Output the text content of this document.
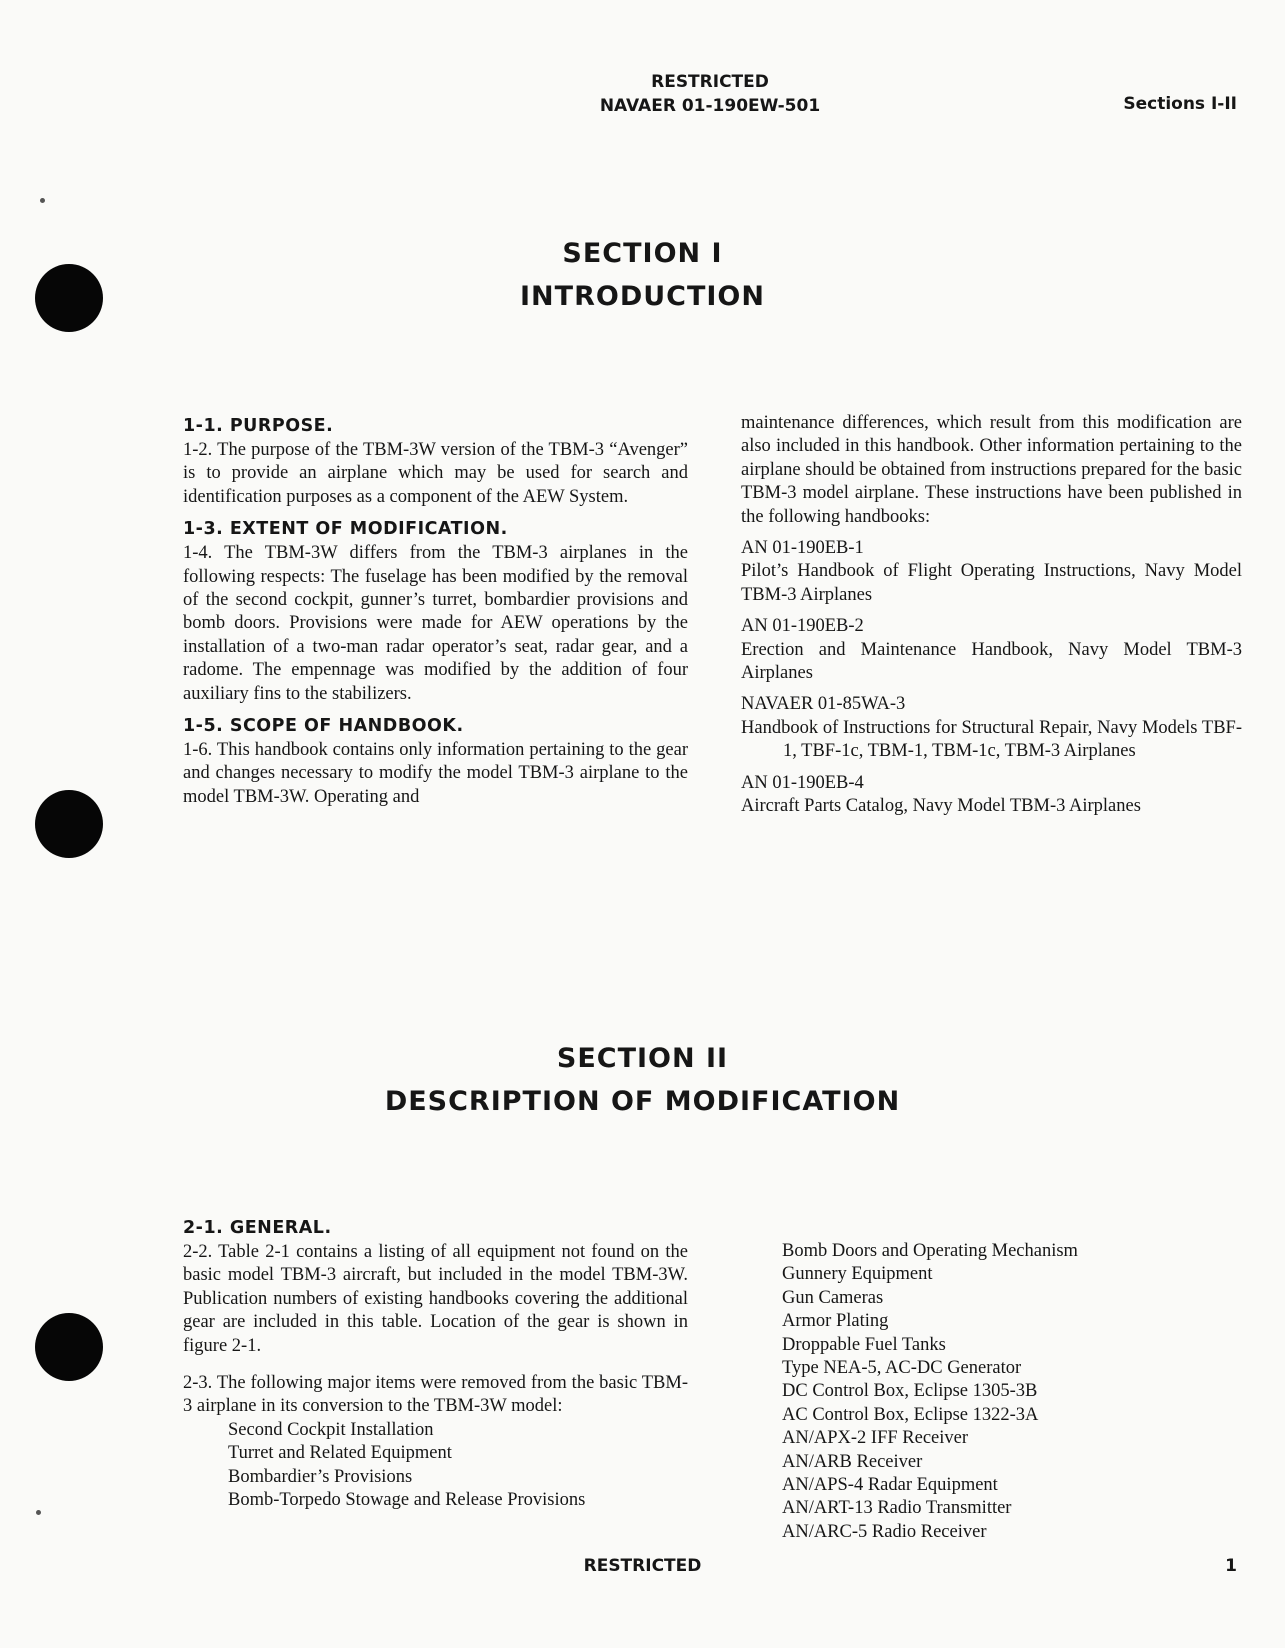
RESTRICTED
NAVAER 01-190EW-501	Sections I-II
SECTION I
INTRODUCTION
1-1. PURPOSE.

1-2. The purpose of the TBM-3W version of the TBM-3 “Avenger” is to provide an airplane which may be used for search and identification purposes as a component of the AEW System.

1-3. EXTENT OF MODIFICATION.

1-4. The TBM-3W differs from the TBM-3 airplanes in the following respects: The fuselage has been modified by the removal of the second cockpit, gunner’s turret, bombardier provisions and bomb doors. Provisions were made for AEW operations by the installation of a two-man radar operator’s seat, radar gear, and a radome. The empennage was modified by the addition of four auxiliary fins to the stabilizers.

1-5. SCOPE OF HANDBOOK.

1-6. This handbook contains only information pertaining to the gear and changes necessary to modify the model TBM-3 airplane to the model TBM-3W. Operating and

maintenance differences, which result from this modification are also included in this handbook. Other information pertaining to the airplane should be obtained from instructions prepared for the basic TBM-3 model airplane. These instructions have been published in the following handbooks:

AN 01-190EB-1

Pilot’s Handbook of Flight Operating Instructions, Navy Model TBM-3 Airplanes

AN 01-190EB-2

Erection and Maintenance Handbook, Navy Model TBM-3 Airplanes

NAVAER 01-85WA-3

Handbook of Instructions for Structural Repair, Navy Models TBF-1, TBF-1c, TBM-1, TBM-1c, TBM-3 Airplanes

AN 01-190EB-4

Aircraft Parts Catalog, Navy Model TBM-3 Airplanes

SECTION II
DESCRIPTION OF MODIFICATION
2-1. GENERAL.

2-2. Table 2-1 contains a listing of all equipment not found on the basic model TBM-3 aircraft, but included in the model TBM-3W. Publication numbers of existing handbooks covering the additional gear are included in this table. Location of the gear is shown in figure 2-1.

2-3. The following major items were removed from the basic TBM-3 airplane in its conversion to the TBM-3W model:

Second Cockpit Installation
Turret and Related Equipment
Bombardier’s Provisions
Bomb-Torpedo Stowage and Release Provisions
Bomb Doors and Operating Mechanism
Gunnery Equipment
Gun Cameras
Armor Plating
Droppable Fuel Tanks
Type NEA-5, AC-DC Generator
DC Control Box, Eclipse 1305-3B
AC Control Box, Eclipse 1322-3A
AN/APX-2 IFF Receiver
AN/ARB Receiver
AN/APS-4 Radar Equipment
AN/ART-13 Radio Transmitter
AN/ARC-5 Radio Receiver
RESTRICTED	1
